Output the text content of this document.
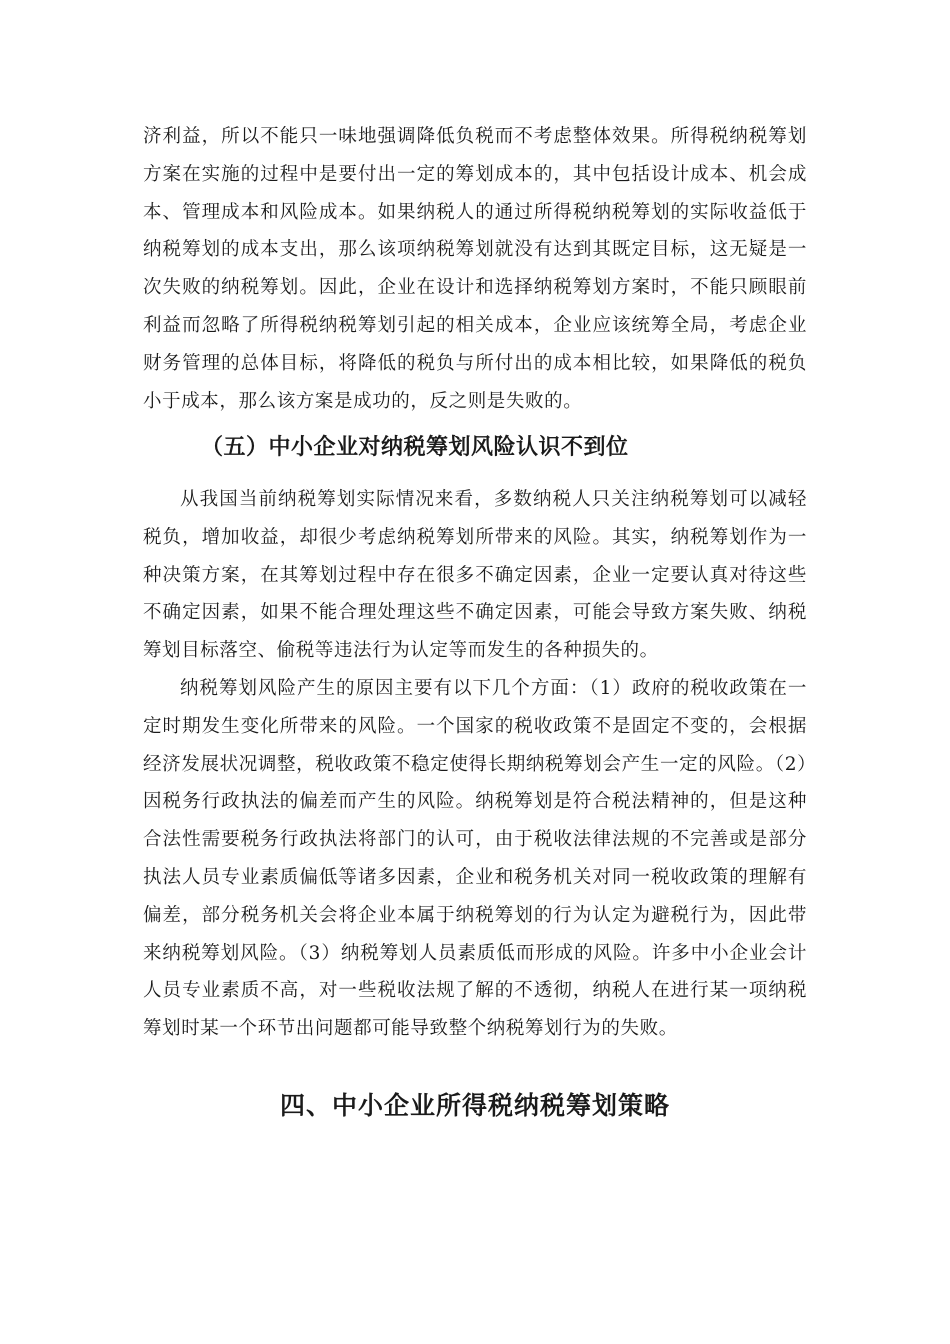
济利益，所以不能只一味地强调降低负税而不考虑整体效果。所得税纳税筹划方案在实施的过程中是要付出一定的筹划成本的，其中包括设计成本、机会成本、管理成本和风险成本。如果纳税人的通过所得税纳税筹划的实际收益低于纳税筹划的成本支出，那么该项纳税筹划就没有达到其既定目标，这无疑是一次失败的纳税筹划。因此，企业在设计和选择纳税筹划方案时，不能只顾眼前利益而忽略了所得税纳税筹划引起的相关成本，企业应该统筹全局，考虑企业财务管理的总体目标，将降低的税负与所付出的成本相比较，如果降低的税负小于成本，那么该方案是成功的，反之则是失败的。

（五）中小企业对纳税筹划风险认识不到位

从我国当前纳税筹划实际情况来看，多数纳税人只关注纳税筹划可以减轻税负，增加收益，却很少考虑纳税筹划所带来的风险。其实，纳税筹划作为一种决策方案，在其筹划过程中存在很多不确定因素，企业一定要认真对待这些不确定因素，如果不能合理处理这些不确定因素，可能会导致方案失败、纳税筹划目标落空、偷税等违法行为认定等而发生的各种损失的。

纳税筹划风险产生的原因主要有以下几个方面：（1）政府的税收政策在一定时期发生变化所带来的风险。一个国家的税收政策不是固定不变的，会根据经济发展状况调整，税收政策不稳定使得长期纳税筹划会产生一定的风险。（2）因税务行政执法的偏差而产生的风险。纳税筹划是符合税法精神的，但是这种合法性需要税务行政执法将部门的认可，由于税收法律法规的不完善或是部分执法人员专业素质偏低等诸多因素，企业和税务机关对同一税收政策的理解有偏差，部分税务机关会将企业本属于纳税筹划的行为认定为避税行为，因此带来纳税筹划风险。（3）纳税筹划人员素质低而形成的风险。许多中小企业会计人员专业素质不高，对一些税收法规了解的不透彻，纳税人在进行某一项纳税筹划时某一个环节出问题都可能导致整个纳税筹划行为的失败。

四、中小企业所得税纳税筹划策略
